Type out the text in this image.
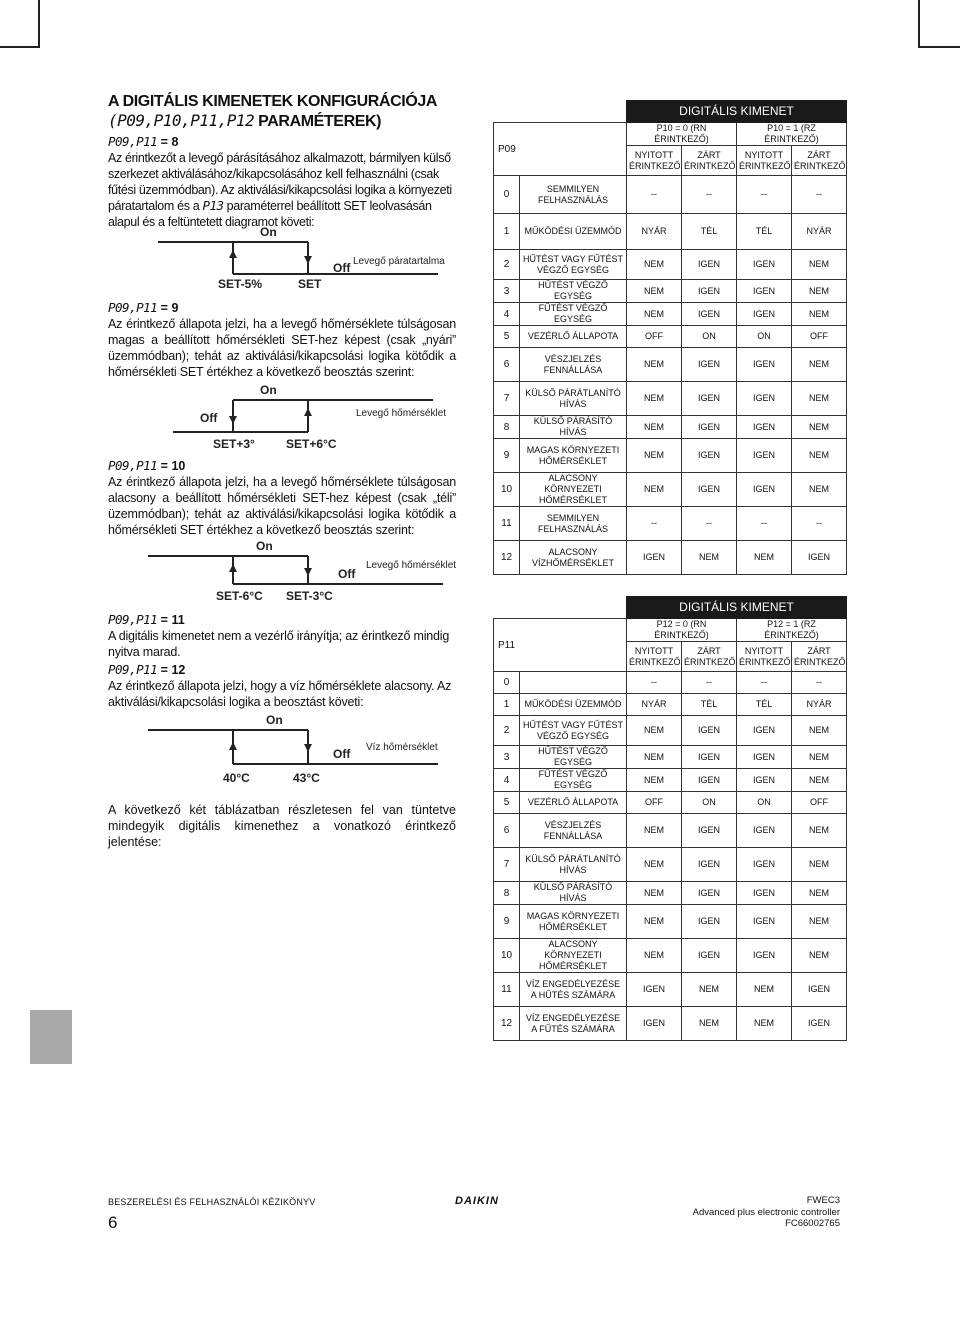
A DIGITÁLIS KIMENETEK KONFIGURÁCIÓJA
(P09,P10,P11,P12 PARAMÉTEREK)

P09,P11 = 8

Az érintkezőt a levegő párásításához alkalmazott, bármilyen külső szerkezet aktiválásához/kikapcsolásához kell felhasználni (csak fűtési üzemmódban). Az aktiválási/kikapcsolási logika a környezeti páratartalom és a P13 paraméterrel beállított SET leolvasásán alapul és a feltüntetett diagramot követi:

On
Off Levegő páratartalma
SET-5%	SET

P09,P11 = 9

Az érintkező állapota jelzi, ha a levegő hőmérséklete túlságosan magas a beállított hőmérsékleti SET-hez képest (csak „nyári” üzemmódban); tehát az aktiválási/kikapcsolási logika kötődik a hőmérsékleti SET értékhez a következő beosztás szerint:

On
Off	Levegő hőmérséklet
SET+3°	SET+6°C

P09,P11 = 10

Az érintkező állapota jelzi, ha a levegő hőmérséklete túlságosan alacsony a beállított hőmérsékleti SET-hez képest (csak „téli” üzemmódban); tehát az aktiválási/kikapcsolási logika kötődik a hőmérsékleti SET értékhez a következő beosztás szerint:

On
Off
Levegő hőmérséklet
SET-6°C SET-3°C

P09,P11 = 11

A digitális kimenetet nem a vezérlő irányítja; az érintkező mindig nyitva marad.

P09,P11 = 12

Az érintkező állapota jelzi, hogy a víz hőmérséklete alacsony. Az aktiválási/kikapcsolási logika a beosztást követi:

On
Off Víz hőmérséklet
40°C	43°C

A következő két táblázatban részletesen fel van tüntetve mindegyik digitális kimenethez a vonatkozó érintkező jelentése:

		DIGITÁLIS KIMENET			
P09		P10 = 0 (RN ÉRINTKEZŐ)		P10 = 1 (RZ ÉRINTKEZŐ)	
		NYITOTT ÉRINTKEZŐ	ZÁRT ÉRINTKEZŐ	NYITOTT ÉRINTKEZŐ	ZÁRT ÉRINTKEZŐ
0	SEMMILYEN FELHASZNÁLÁS	--	--	--	--
1	MŰKÖDÉSI ÜZEMMÓD	NYÁR	TÉL	TÉL	NYÁR
2	HŰTÉST VAGY FŰTÉST VÉGZŐ EGYSÉG	NEM	IGEN	IGEN	NEM
3	HŰTÉST VÉGZŐ EGYSÉG	NEM	IGEN	IGEN	NEM
4	FŰTÉST VÉGZŐ EGYSÉG	NEM	IGEN	IGEN	NEM
5	VEZÉRLŐ ÁLLAPOTA	OFF	ON	ON	OFF
6	VÉSZJELZÉS FENNÁLLÁSA	NEM	IGEN	IGEN	NEM
7	KÜLSŐ PÁRÁTLANÍTÓ HÍVÁS	NEM	IGEN	IGEN	NEM
8	KÜLSŐ PÁRÁSÍTÓ HÍVÁS	NEM	IGEN	IGEN	NEM
9	MAGAS KÖRNYEZETI HŐMÉRSÉKLET	NEM	IGEN	IGEN	NEM
10	ALACSONY KÖRNYEZETI HŐMÉRSÉKLET	NEM	IGEN	IGEN	NEM
11	SEMMILYEN FELHASZNÁLÁS	--	--	--	--
12	ALACSONY VÍZHŐMÉRSÉKLET	IGEN	NEM	NEM	IGEN
		DIGITÁLIS KIMENET			
P11		P12 = 0 (RN ÉRINTKEZŐ)		P12 = 1 (RZ ÉRINTKEZŐ)	
		NYITOTT ÉRINTKEZŐ	ZÁRT ÉRINTKEZŐ	NYITOTT ÉRINTKEZŐ	ZÁRT ÉRINTKEZŐ
0		--	--	--	--
1	MŰKÖDÉSI ÜZEMMÓD	NYÁR	TÉL	TÉL	NYÁR
2	HŰTÉST VAGY FŰTÉST VÉGZŐ EGYSÉG	NEM	IGEN	IGEN	NEM
3	HŰTÉST VÉGZŐ EGYSÉG	NEM	IGEN	IGEN	NEM
4	FŰTÉST VÉGZŐ EGYSÉG	NEM	IGEN	IGEN	NEM
5	VEZÉRLŐ ÁLLAPOTA	OFF	ON	ON	OFF
6	VÉSZJELZÉS FENNÁLLÁSA	NEM	IGEN	IGEN	NEM
7	KÜLSŐ PÁRÁTLANÍTÓ HÍVÁS	NEM	IGEN	IGEN	NEM
8	KÜLSŐ PÁRÁSÍTÓ HÍVÁS	NEM	IGEN	IGEN	NEM
9	MAGAS KÖRNYEZETI HŐMÉRSÉKLET	NEM	IGEN	IGEN	NEM
10	ALACSONY KÖRNYEZETI HŐMÉRSÉKLET	NEM	IGEN	IGEN	NEM
11	VÍZ ENGEDÉLYEZÉSE A HŰTÉS SZÁMÁRA	IGEN	NEM	NEM	IGEN
12	VÍZ ENGEDÉLYEZÉSE A FŰTÉS SZÁMÁRA	IGEN	NEM	NEM	IGEN
BESZERELÉSI ÉS FELHASZNÁLÓI KÉZIKÖNYV
6
DAIKIN	FWEC3
Advanced plus electronic controller
FC66002765
